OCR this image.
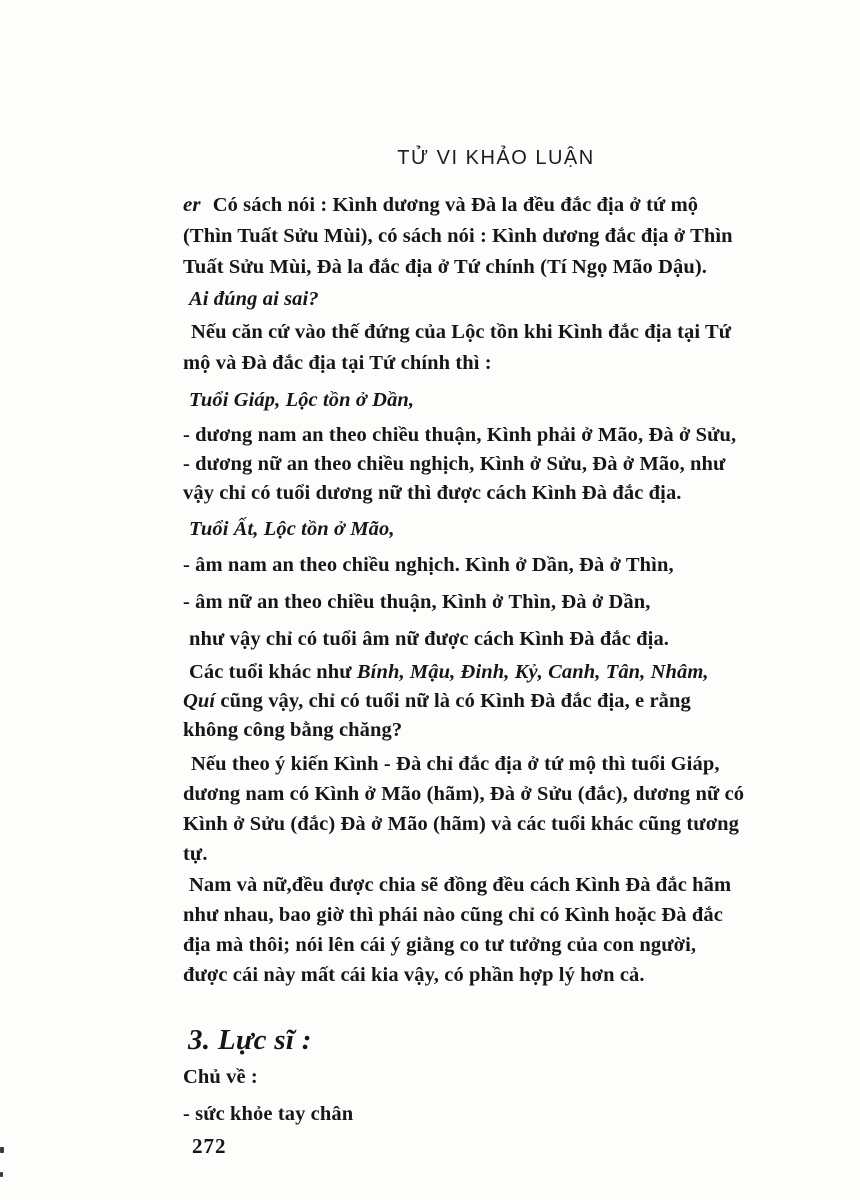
TỬ VI KHẢO LUẬN
er Có sách nói : Kình dương và Đà la đều đắc địa ở tứ mộ
(Thìn Tuất Sửu Mùi), có sách nói : Kình dương đắc địa ở Thìn
Tuất Sửu Mùi, Đà la đắc địa ở Tứ chính (Tí Ngọ Mão Dậu).
Ai đúng ai sai?
Nếu căn cứ vào thế đứng của Lộc tồn khi Kình đắc địa tại Tứ
mộ và Đà đắc địa tại Tứ chính thì :
Tuổi Giáp, Lộc tồn ở Dần,
- dương nam an theo chiều thuận, Kình phải ở Mão, Đà ở Sửu,
- dương nữ an theo chiều nghịch, Kình ở Sửu, Đà ở Mão, như
vậy chỉ có tuổi dương nữ thì được cách Kình Đà đắc địa.
Tuổi Ất, Lộc tồn ở Mão,
- âm nam an theo chiều nghịch. Kình ở Dần, Đà ở Thìn,
- âm nữ an theo chiều thuận, Kình ở Thìn, Đà ở Dần,
như vậy chỉ có tuổi âm nữ được cách Kình Đà đắc địa.
Các tuổi khác như Bính, Mậu, Đinh, Kỷ, Canh, Tân, Nhâm,
Quí cũng vậy, chỉ có tuổi nữ là có Kình Đà đắc địa, e rằng
không công bằng chăng?
Nếu theo ý kiến Kình - Đà chỉ đắc địa ở tứ mộ thì tuổi Giáp,
dương nam có Kình ở Mão (hãm), Đà ở Sửu (đắc), dương nữ có
Kình ở Sửu (đắc) Đà ở Mão (hãm) và các tuổi khác cũng tương
tự.
Nam và nữ,đều được chia sẽ đồng đều cách Kình Đà đắc hãm
như nhau, bao giờ thì phái nào cũng chỉ có Kình hoặc Đà đắc
địa mà thôi; nói lên cái ý giằng co tư tưởng của con người,
được cái này mất cái kia vậy, có phần hợp lý hơn cả.
3. Lực sĩ :
Chủ về :
- sức khỏe tay chân
272
